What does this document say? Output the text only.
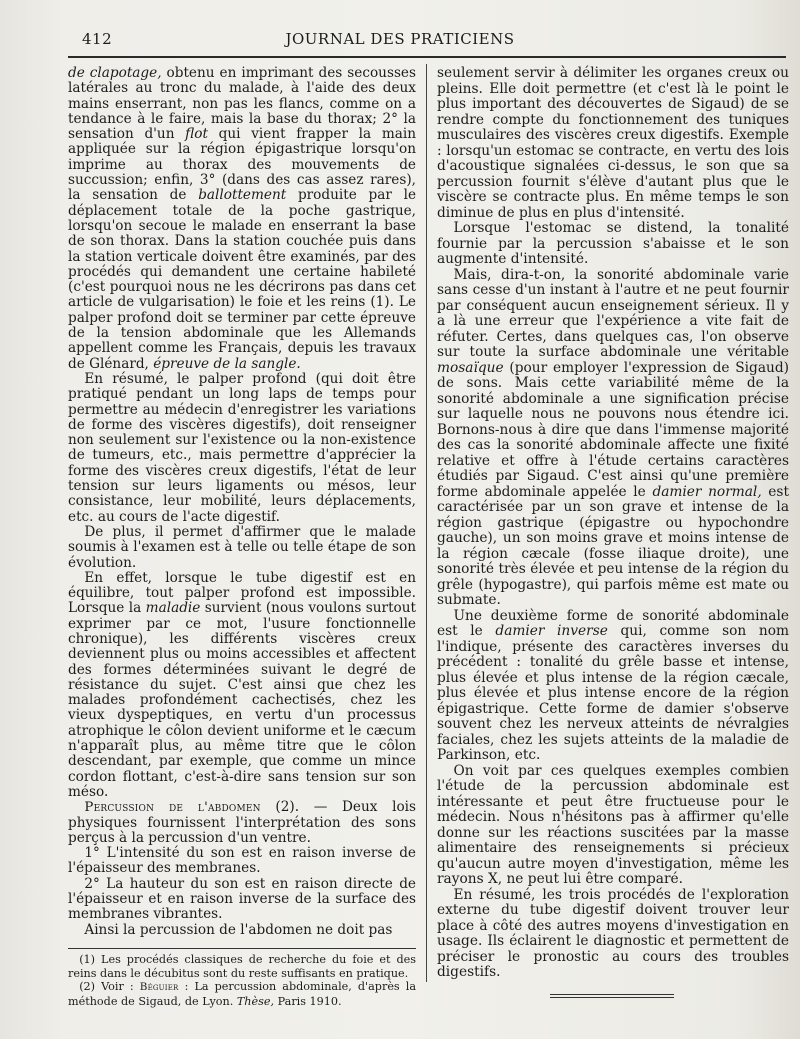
412	JOURNAL DES PRATICIENS

de clapotage, obtenu en imprimant des secousses latérales au tronc du malade, à l'aide des deux mains enserrant, non pas les flancs, comme on a tendance à le faire, mais la base du thorax; 2° la sensation d'un flot qui vient frapper la main appliquée sur la région épigastrique lorsqu'on imprime au thorax des mouvements de succussion; enfin, 3° (dans des cas assez rares), la sensation de ballottement produite par le déplacement totale de la poche gastrique, lorsqu'on secoue le malade en enserrant la base de son thorax. Dans la station couchée puis dans la station verticale doivent être examinés, par des procédés qui demandent une certaine habileté (c'est pourquoi nous ne les décrirons pas dans cet article de vulgarisation) le foie et les reins (1). Le palper profond doit se terminer par cette épreuve de la tension abdominale que les Allemands appellent comme les Français, depuis les travaux de Glénard, épreuve de la sangle.

En résumé, le palper profond (qui doit être pratiqué pendant un long laps de temps pour permettre au médecin d'enregistrer les variations de forme des viscères digestifs), doit renseigner non seulement sur l'existence ou la non-existence de tumeurs, etc., mais permettre d'apprécier la forme des viscères creux digestifs, l'état de leur tension sur leurs ligaments ou mésos, leur consistance, leur mobilité, leurs déplacements, etc. au cours de l'acte digestif.

De plus, il permet d'affirmer que le malade soumis à l'examen est à telle ou telle étape de son évolution.

En effet, lorsque le tube digestif est en équilibre, tout palper profond est impossible. Lorsque la maladie survient (nous voulons surtout exprimer par ce mot, l'usure fonctionnelle chronique), les différents viscères creux deviennent plus ou moins accessibles et affectent des formes déterminées suivant le degré de résistance du sujet. C'est ainsi que chez les malades profondément cachectisés, chez les vieux dyspeptiques, en vertu d'un processus atrophique le côlon devient uniforme et le cæcum n'apparaît plus, au même titre que le côlon descendant, par exemple, que comme un mince cordon flottant, c'est-à-dire sans tension sur son méso.

Percussion de l'abdomen (2). — Deux lois physiques fournissent l'interprétation des sons perçus à la percussion d'un ventre.

1° L'intensité du son est en raison inverse de l'épaisseur des membranes.

2° La hauteur du son est en raison directe de l'épaisseur et en raison inverse de la surface des membranes vibrantes.

Ainsi la percussion de l'abdomen ne doit pas

(1) Les procédés classiques de recherche du foie et des reins dans le décubitus sont du reste suffisants en pratique.

(2) Voir : Béguier : La percussion abdominale, d'après la méthode de Sigaud, de Lyon. Thèse, Paris 1910.

seulement servir à délimiter les organes creux ou pleins. Elle doit permettre (et c'est là le point le plus important des découvertes de Sigaud) de se rendre compte du fonctionnement des tuniques musculaires des viscères creux digestifs. Exemple : lorsqu'un estomac se contracte, en vertu des lois d'acoustique signalées ci-dessus, le son que sa percussion fournit s'élève d'autant plus que le viscère se contracte plus. En même temps le son diminue de plus en plus d'intensité.

Lorsque l'estomac se distend, la tonalité fournie par la percussion s'abaisse et le son augmente d'intensité.

Mais, dira-t-on, la sonorité abdominale varie sans cesse d'un instant à l'autre et ne peut fournir par conséquent aucun enseignement sérieux. Il y a là une erreur que l'expérience a vite fait de réfuter. Certes, dans quelques cas, l'on observe sur toute la surface abdominale une véritable mosaïque (pour employer l'expression de Sigaud) de sons. Mais cette variabilité même de la sonorité abdominale a une signification précise sur laquelle nous ne pouvons nous étendre ici. Bornons-nous à dire que dans l'immense majorité des cas la sonorité abdominale affecte une fixité relative et offre à l'étude certains caractères étudiés par Sigaud. C'est ainsi qu'une première forme abdominale appelée le damier normal, est caractérisée par un son grave et intense de la région gastrique (épigastre ou hypochondre gauche), un son moins grave et moins intense de la région cæcale (fosse iliaque droite), une sonorité très élevée et peu intense de la région du grêle (hypogastre), qui parfois même est mate ou submate.

Une deuxième forme de sonorité abdominale est le damier inverse qui, comme son nom l'indique, présente des caractères inverses du précédent : tonalité du grêle basse et intense, plus élevée et plus intense de la région cæcale, plus élevée et plus intense encore de la région épigastrique. Cette forme de damier s'observe souvent chez les nerveux atteints de névralgies faciales, chez les sujets atteints de la maladie de Parkinson, etc.

On voit par ces quelques exemples combien l'étude de la percussion abdominale est intéressante et peut être fructueuse pour le médecin. Nous n'hésitons pas à affirmer qu'elle donne sur les réactions suscitées par la masse alimentaire des renseignements si précieux qu'aucun autre moyen d'investigation, même les rayons X, ne peut lui être comparé.

En résumé, les trois procédés de l'exploration externe du tube digestif doivent trouver leur place à côté des autres moyens d'investigation en usage. Ils éclairent le diagnostic et permettent de préciser le pronostic au cours des troubles digestifs.
